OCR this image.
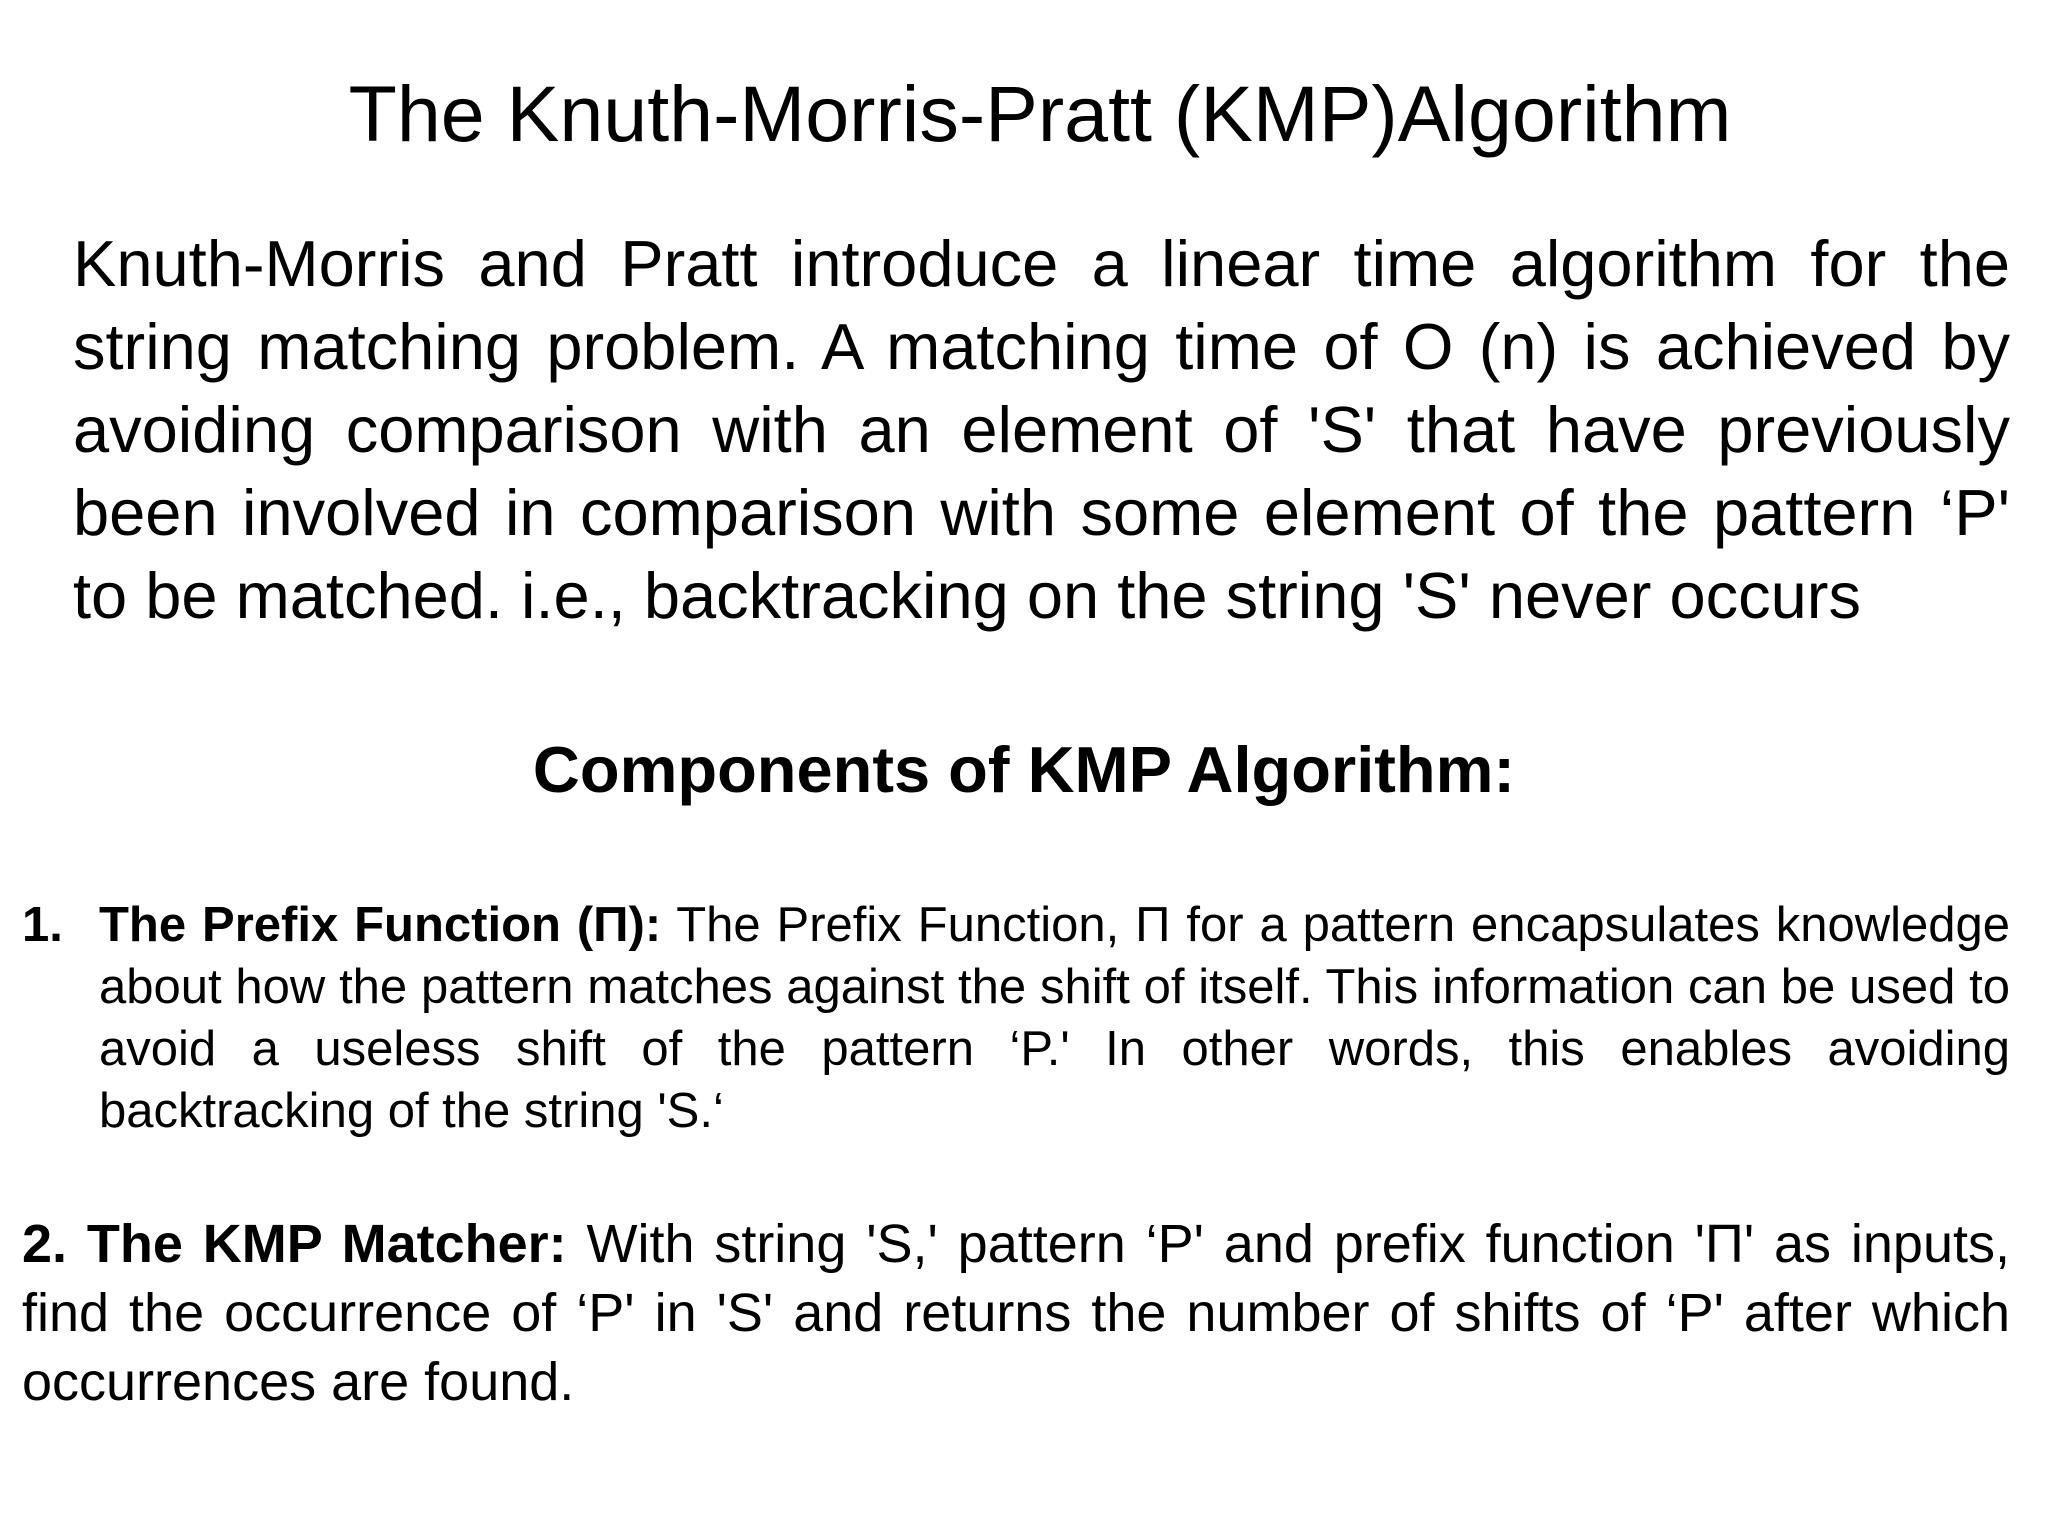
The Knuth-Morris-Pratt (KMP)Algorithm

Knuth-Morris and Pratt introduce a linear time algorithm for the string matching problem. A matching time of O (n) is achieved by avoiding comparison with an element of 'S' that have previously been involved in comparison with some element of the pattern ‘P' to be matched. i.e., backtracking on the string 'S' never occurs

Components of KMP Algorithm:
1. The Prefix Function (Π): The Prefix Function, Π for a pattern encapsulates knowledge about how the pattern matches against the shift of itself. This information can be used to avoid a useless shift of the pattern ‘P.' In other words, this enables avoiding backtracking of the string 'S.‘
2. The KMP Matcher: With string 'S,' pattern ‘P' and prefix function 'Π' as inputs, find the occurrence of ‘P' in 'S' and returns the number of shifts of ‘P' after which occurrences are found.
